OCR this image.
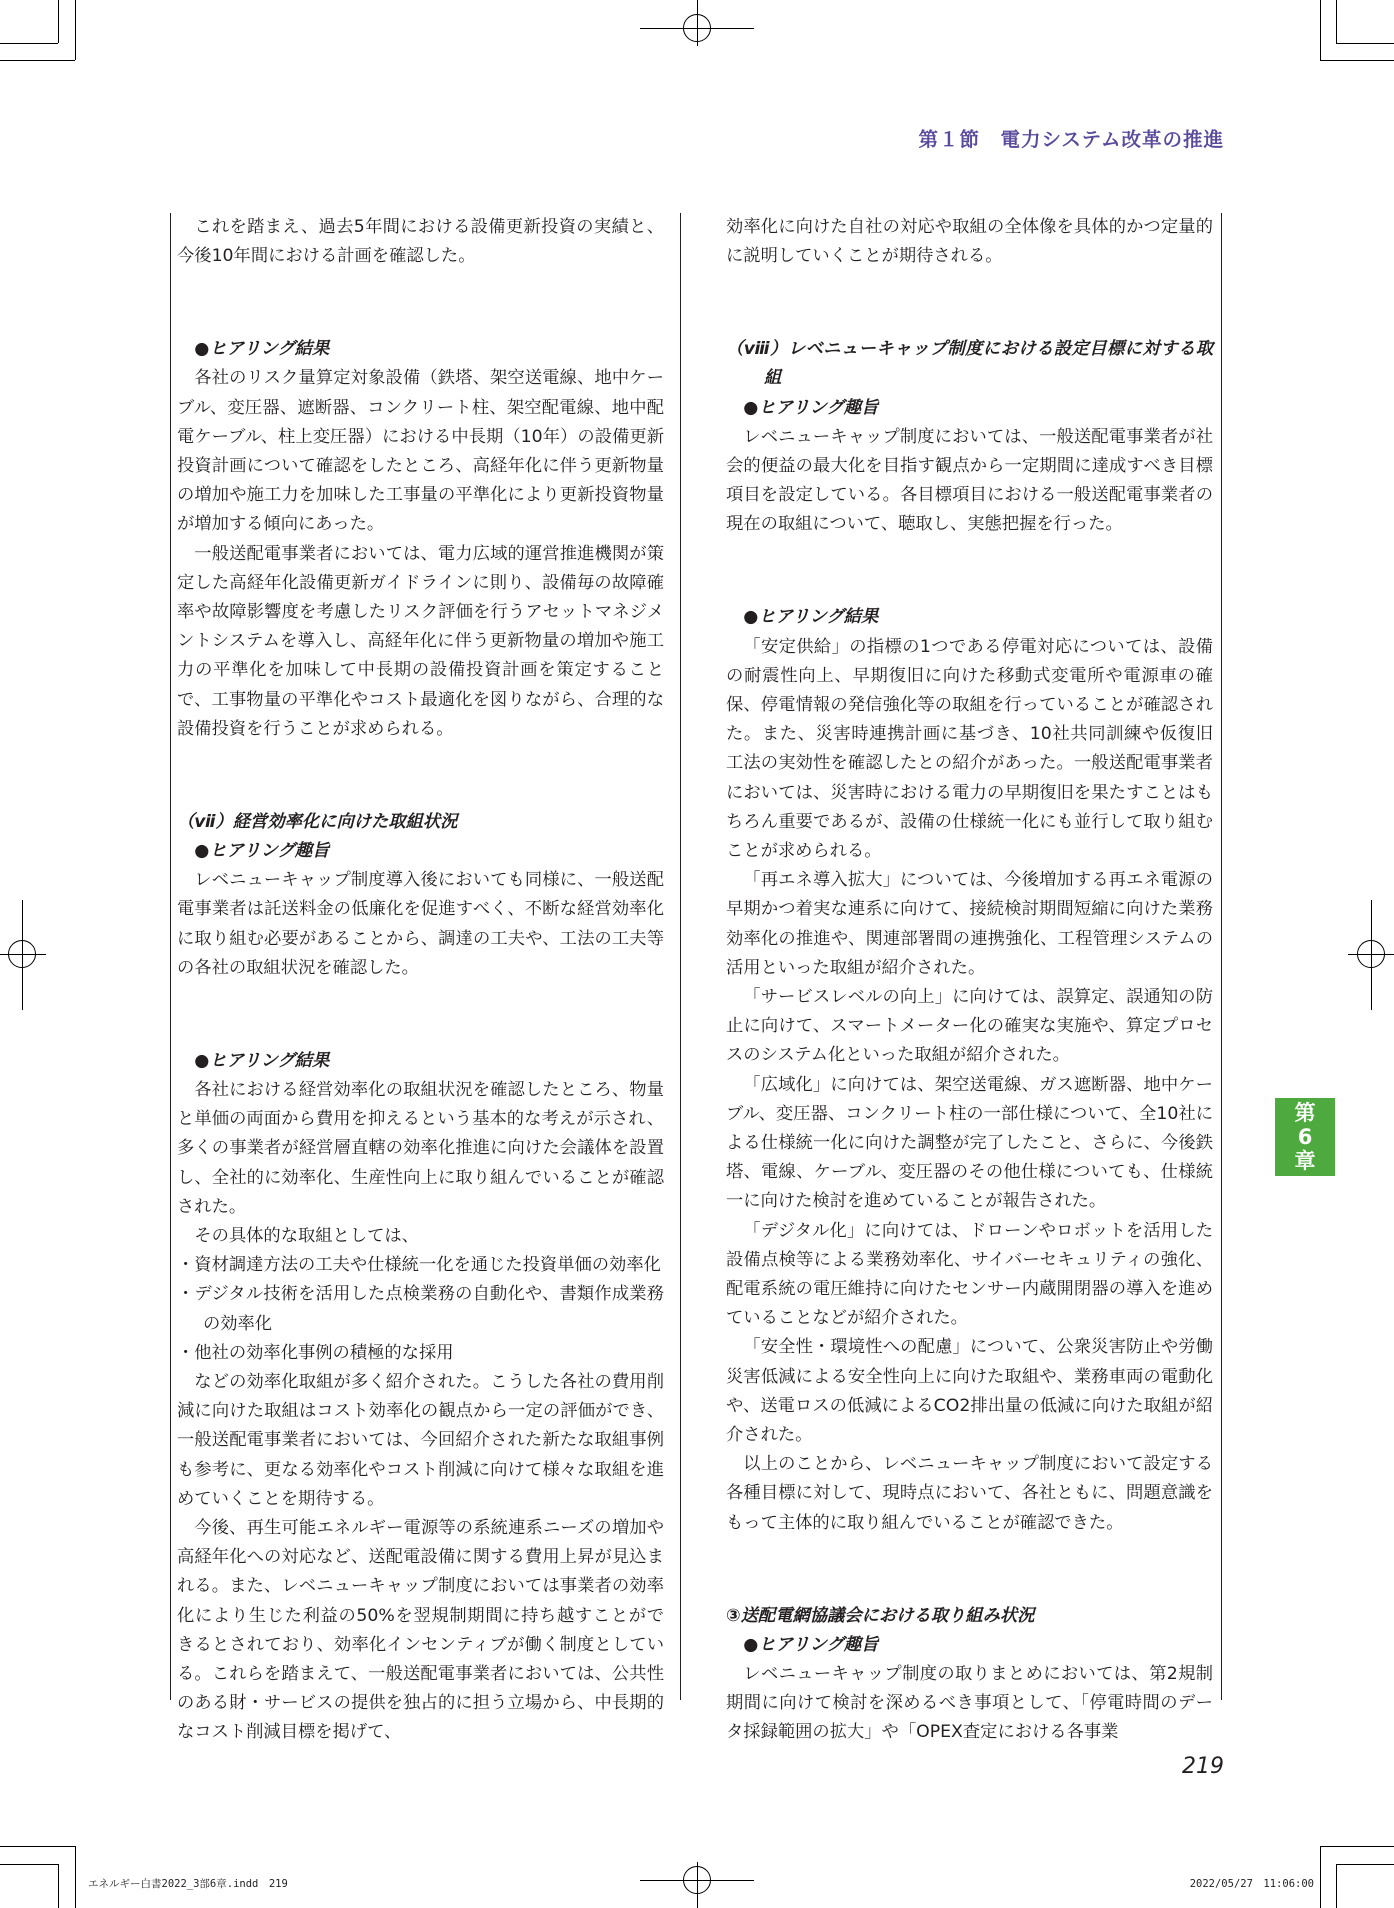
第１節　電力システム改革の推進

これを踏まえ、過去5年間における設備更新投資の実績と、今後10年間における計画を確認した。

●ヒアリング結果

各社のリスク量算定対象設備（鉄塔、架空送電線、地中ケーブル、変圧器、遮断器、コンクリート柱、架空配電線、地中配電ケーブル、柱上変圧器）における中長期（10年）の設備更新投資計画について確認をしたところ、高経年化に伴う更新物量の増加や施工力を加味した工事量の平準化により更新投資物量が増加する傾向にあった。

一般送配電事業者においては、電力広域的運営推進機関が策定した高経年化設備更新ガイドラインに則り、設備毎の故障確率や故障影響度を考慮したリスク評価を行うアセットマネジメントシステムを導入し、高経年化に伴う更新物量の増加や施工力の平準化を加味して中長期の設備投資計画を策定することで、工事物量の平準化やコスト最適化を図りながら、合理的な設備投資を行うことが求められる。

（ⅶ）経営効率化に向けた取組状況

●ヒアリング趣旨

レベニューキャップ制度導入後においても同様に、一般送配電事業者は託送料金の低廉化を促進すべく、不断な経営効率化に取り組む必要があることから、調達の工夫や、工法の工夫等の各社の取組状況を確認した。

●ヒアリング結果

各社における経営効率化の取組状況を確認したところ、物量と単価の両面から費用を抑えるという基本的な考えが示され、多くの事業者が経営層直轄の効率化推進に向けた会議体を設置し、全社的に効率化、生産性向上に取り組んでいることが確認された。

その具体的な取組としては、

・資材調達方法の工夫や仕様統一化を通じた投資単価の効率化

・デジタル技術を活用した点検業務の自動化や、書類作成業務の効率化

・他社の効率化事例の積極的な採用

などの効率化取組が多く紹介された。こうした各社の費用削減に向けた取組はコスト効率化の観点から一定の評価ができ、一般送配電事業者においては、今回紹介された新たな取組事例も参考に、更なる効率化やコスト削減に向けて様々な取組を進めていくことを期待する。

今後、再生可能エネルギー電源等の系統連系ニーズの増加や高経年化への対応など、送配電設備に関する費用上昇が見込まれる。また、レベニューキャップ制度においては事業者の効率化により生じた利益の50%を翌規制期間に持ち越すことができるとされており、効率化インセンティブが働く制度としている。これらを踏まえて、一般送配電事業者においては、公共性のある財・サービスの提供を独占的に担う立場から、中長期的なコスト削減目標を掲げて、

効率化に向けた自社の対応や取組の全体像を具体的かつ定量的に説明していくことが期待される。

（ⅷ）レベニューキャップ制度における設定目標に対する取組

●ヒアリング趣旨

レベニューキャップ制度においては、一般送配電事業者が社会的便益の最大化を目指す観点から一定期間に達成すべき目標項目を設定している。各目標項目における一般送配電事業者の現在の取組について、聴取し、実態把握を行った。

●ヒアリング結果

「安定供給」の指標の1つである停電対応については、設備の耐震性向上、早期復旧に向けた移動式変電所や電源車の確保、停電情報の発信強化等の取組を行っていることが確認された。また、災害時連携計画に基づき、10社共同訓練や仮復旧工法の実効性を確認したとの紹介があった。一般送配電事業者においては、災害時における電力の早期復旧を果たすことはもちろん重要であるが、設備の仕様統一化にも並行して取り組むことが求められる。

「再エネ導入拡大」については、今後増加する再エネ電源の早期かつ着実な連系に向けて、接続検討期間短縮に向けた業務効率化の推進や、関連部署間の連携強化、工程管理システムの活用といった取組が紹介された。

「サービスレベルの向上」に向けては、誤算定、誤通知の防止に向けて、スマートメーター化の確実な実施や、算定プロセスのシステム化といった取組が紹介された。

「広域化」に向けては、架空送電線、ガス遮断器、地中ケーブル、変圧器、コンクリート柱の一部仕様について、全10社による仕様統一化に向けた調整が完了したこと、さらに、今後鉄塔、電線、ケーブル、変圧器のその他仕様についても、仕様統一に向けた検討を進めていることが報告された。

「デジタル化」に向けては、ドローンやロボットを活用した設備点検等による業務効率化、サイバーセキュリティの強化、配電系統の電圧維持に向けたセンサー内蔵開閉器の導入を進めていることなどが紹介された。

「安全性・環境性への配慮」について、公衆災害防止や労働災害低減による安全性向上に向けた取組や、業務車両の電動化や、送電ロスの低減によるCO2排出量の低減に向けた取組が紹介された。

以上のことから、レベニューキャップ制度において設定する各種目標に対して、現時点において、各社ともに、問題意識をもって主体的に取り組んでいることが確認できた。

③送配電網協議会における取り組み状況

●ヒアリング趣旨

レベニューキャップ制度の取りまとめにおいては、第2規制期間に向けて検討を深めるべき事項として、「停電時間のデータ採録範囲の拡大」や「OPEX査定における各事業

第6章
219
エネルギー白書2022_3部6章.indd　219	2022/05/27　11:06:00
